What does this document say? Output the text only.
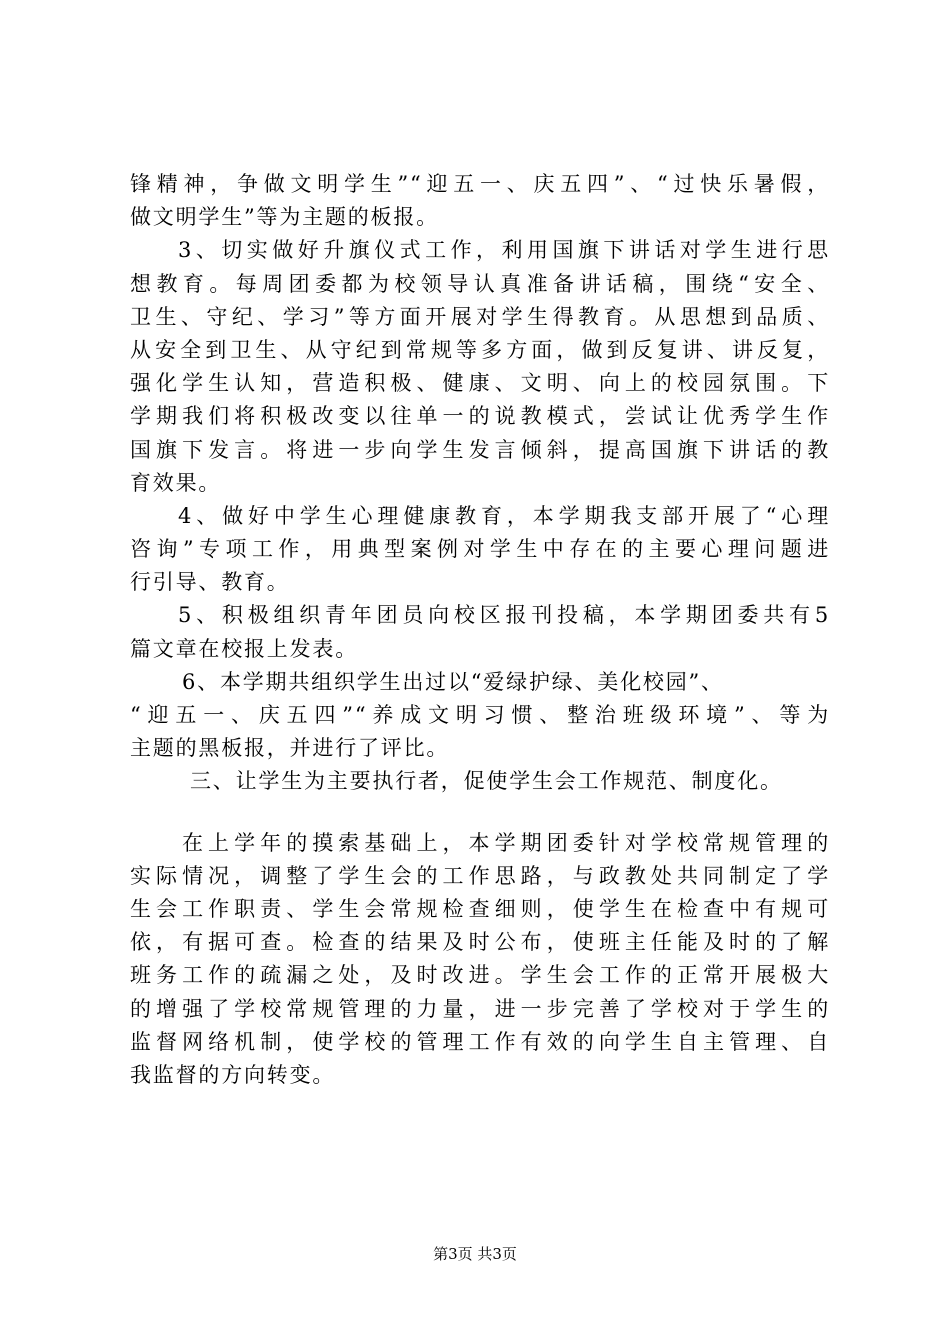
锋精神，争做文明学生”“迎五一、庆五四”、“过快乐暑假，
做文明学生”等为主题的板报。
3、切实做好升旗仪式工作，利用国旗下讲话对学生进行思
想教育。每周团委都为校领导认真准备讲话稿，围绕“安全、
卫生、守纪、学习”等方面开展对学生得教育。从思想到品质、
从安全到卫生、从守纪到常规等多方面，做到反复讲、讲反复，
强化学生认知，营造积极、健康、文明、向上的校园氛围。下
学期我们将积极改变以往单一的说教模式，尝试让优秀学生作
国旗下发言。将进一步向学生发言倾斜，提高国旗下讲话的教
育效果。
4、做好中学生心理健康教育，本学期我支部开展了“心理
咨询”专项工作，用典型案例对学生中存在的主要心理问题进
行引导、教育。
5、积极组织青年团员向校区报刊投稿，本学期团委共有5
篇文章在校报上发表。
6、本学期共组织学生出过以“爱绿护绿、美化校园”、
“迎五一、庆五四”“养成文明习惯、整治班级环境”、等为
主题的黑板报，并进行了评比。
三、让学生为主要执行者，促使学生会工作规范、制度化。
在上学年的摸索基础上，本学期团委针对学校常规管理的
实际情况，调整了学生会的工作思路，与政教处共同制定了学
生会工作职责、学生会常规检查细则，使学生在检查中有规可
依，有据可查。检查的结果及时公布，使班主任能及时的了解
班务工作的疏漏之处，及时改进。学生会工作的正常开展极大
的增强了学校常规管理的力量，进一步完善了学校对于学生的
监督网络机制，使学校的管理工作有效的向学生自主管理、自
我监督的方向转变。
第3页 共3页
